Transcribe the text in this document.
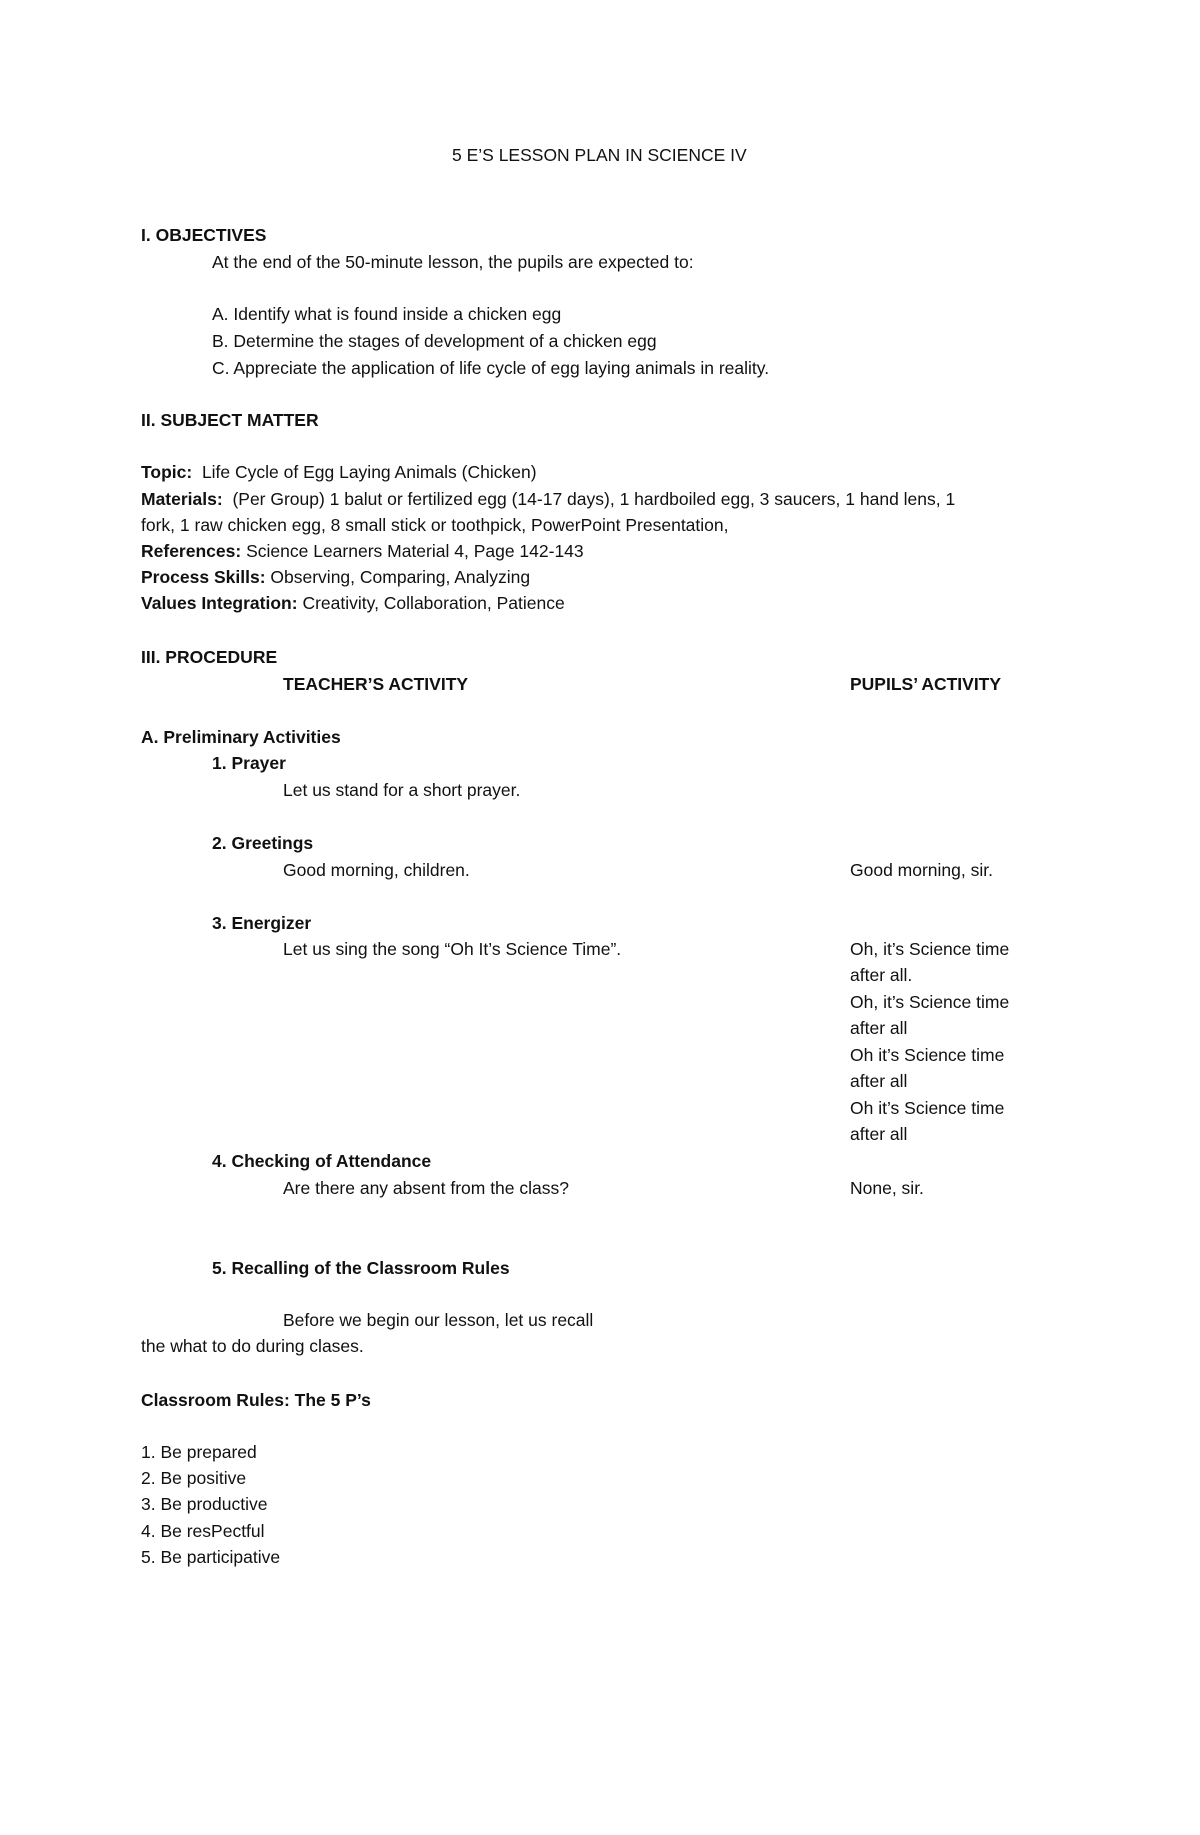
5 E’S LESSON PLAN IN SCIENCE IV
I. OBJECTIVES
At the end of the 50-minute lesson, the pupils are expected to:
A. Identify what is found inside a chicken egg
B. Determine the stages of development of a chicken egg
C. Appreciate the application of life cycle of egg laying animals in reality.
II. SUBJECT MATTER
Topic: Life Cycle of Egg Laying Animals (Chicken)
Materials: (Per Group) 1 balut or fertilized egg (14-17 days), 1 hardboiled egg, 3 saucers, 1 hand lens, 1
fork, 1 raw chicken egg, 8 small stick or toothpick, PowerPoint Presentation,
References: Science Learners Material 4, Page 142-143
Process Skills: Observing, Comparing, Analyzing
Values Integration: Creativity, Collaboration, Patience
III. PROCEDURE
TEACHER’S ACTIVITY	PUPILS’ ACTIVITY
A. Preliminary Activities
1. Prayer
Let us stand for a short prayer.
2. Greetings
Good morning, children.	Good morning, sir.
3. Energizer
Let us sing the song “Oh It’s Science Time”.	Oh, it’s Science time
after all.
Oh, it’s Science time
after all
Oh it’s Science time
after all
Oh it’s Science time
after all
4. Checking of Attendance
Are there any absent from the class?	None, sir.
5. Recalling of the Classroom Rules
Before we begin our lesson, let us recall
the what to do during clases.
Classroom Rules: The 5 P’s
1. Be prepared
2. Be positive
3. Be productive
4. Be resPectful
5. Be participative
